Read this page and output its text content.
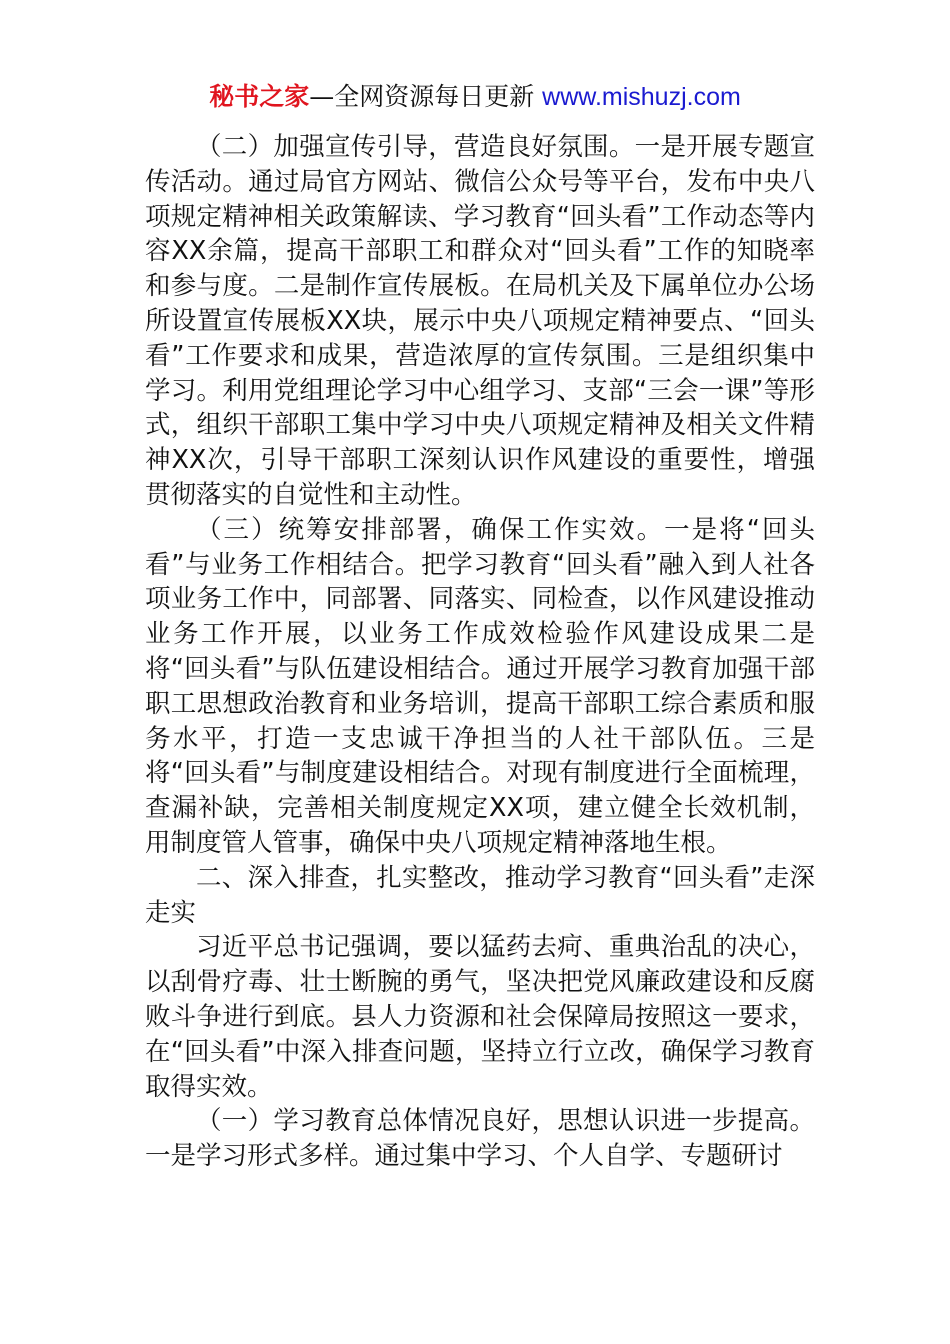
秘书之家—全网资源每日更新 www.mishuzj.com

（二）加强宣传引导，营造良好氛围。一是开展专题宣传活动。通过局官方网站、微信公众号等平台，发布中央八项规定精神相关政策解读、学习教育“回头看”工作动态等内容XX余篇，提高干部职工和群众对“回头看”工作的知晓率和参与度。二是制作宣传展板。在局机关及下属单位办公场所设置宣传展板XX块，展示中央八项规定精神要点、“回头看”工作要求和成果，营造浓厚的宣传氛围。三是组织集中学习。利用党组理论学习中心组学习、支部“三会一课”等形式，组织干部职工集中学习中央八项规定精神及相关文件精神XX次，引导干部职工深刻认识作风建设的重要性，增强贯彻落实的自觉性和主动性。

（三）统筹安排部署，确保工作实效。一是将“回头看”与业务工作相结合。把学习教育“回头看”融入到人社各项业务工作中，同部署、同落实、同检查，以作风建设推动业务工作开展，以业务工作成效检验作风建设成果二是将“回头看”与队伍建设相结合。通过开展学习教育加强干部职工思想政治教育和业务培训，提高干部职工综合素质和服务水平，打造一支忠诚干净担当的人社干部队伍。三是将“回头看”与制度建设相结合。对现有制度进行全面梳理，查漏补缺，完善相关制度规定XX项，建立健全长效机制，用制度管人管事，确保中央八项规定精神落地生根。

二、深入排查，扎实整改，推动学习教育“回头看”走深走实

习近平总书记强调，要以猛药去疴、重典治乱的决心，以刮骨疗毒、壮士断腕的勇气，坚决把党风廉政建设和反腐败斗争进行到底。县人力资源和社会保障局按照这一要求，在“回头看”中深入排查问题，坚持立行立改，确保学习教育取得实效。

（一）学习教育总体情况良好，思想认识进一步提高。一是学习形式多样。通过集中学习、个人自学、专题研讨
